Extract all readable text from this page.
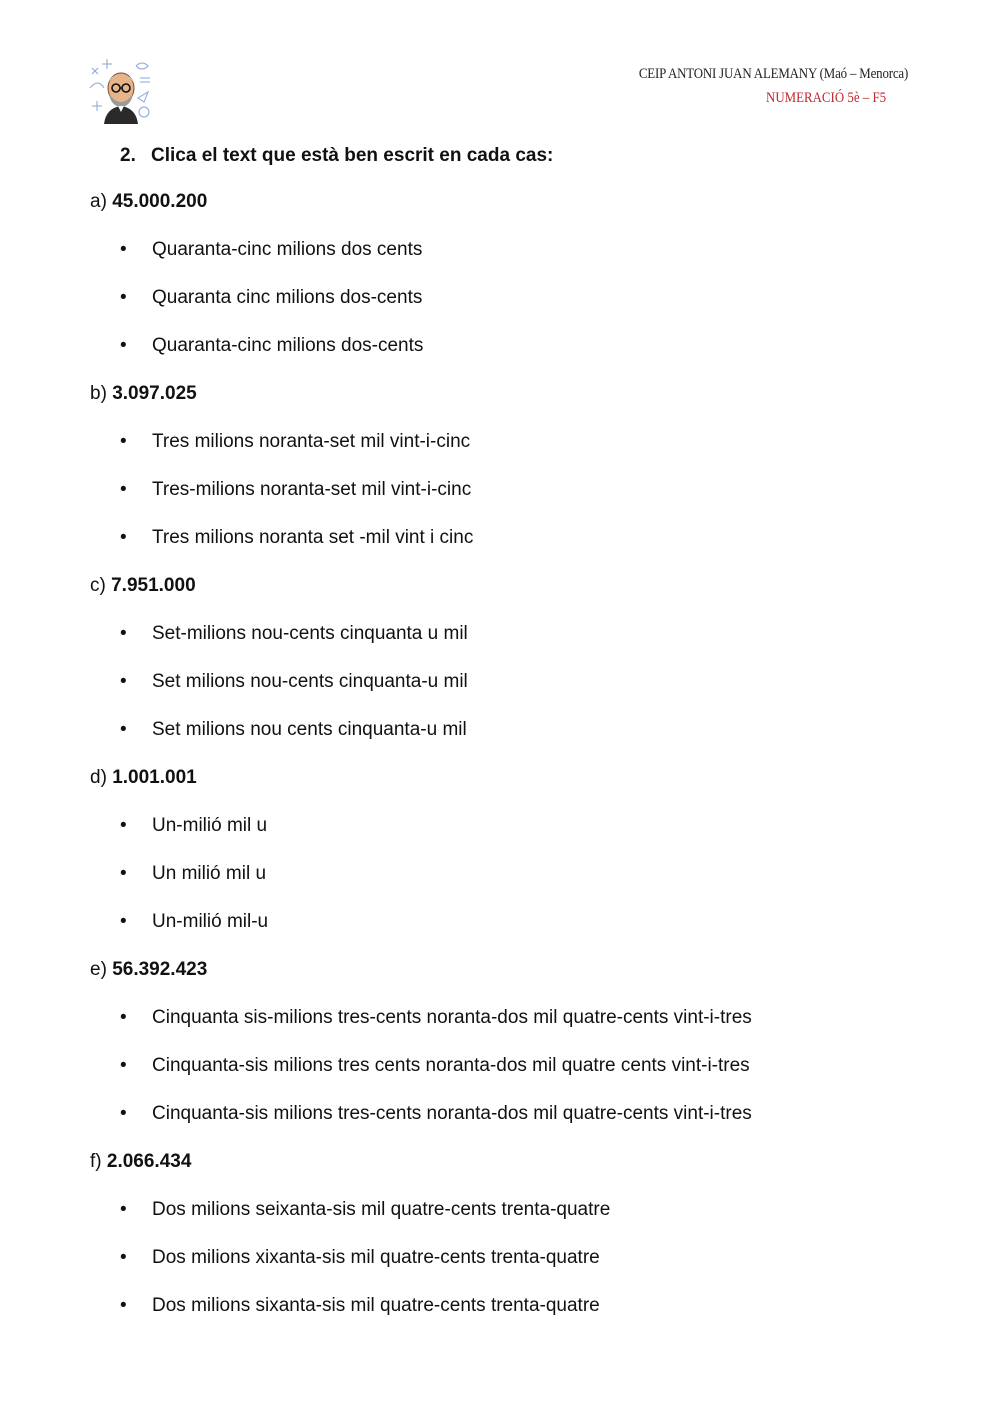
CEIP ANTONI JUAN ALEMANY (Maó – Menorca)
NUMERACIÓ 5è – F5
2. Clica el text que està ben escrit en cada cas:
a) 45.000.200
•	Quaranta-cinc milions dos cents
•	Quaranta cinc milions dos-cents
•	Quaranta-cinc milions dos-cents
b) 3.097.025
•	Tres milions noranta-set mil vint-i-cinc
•	Tres-milions noranta-set mil vint-i-cinc
•	Tres milions noranta set -mil vint i cinc
c) 7.951.000
•	Set-milions nou-cents cinquanta u mil
•	Set milions nou-cents cinquanta-u mil
•	Set milions nou cents cinquanta-u mil
d) 1.001.001
•	Un-milió mil u
•	Un milió mil u
•	Un-milió mil-u
e) 56.392.423
•	Cinquanta sis-milions tres-cents noranta-dos mil quatre-cents vint-i-tres
•	Cinquanta-sis milions tres cents noranta-dos mil quatre cents vint-i-tres
•	Cinquanta-sis milions tres-cents noranta-dos mil quatre-cents vint-i-tres
f) 2.066.434
•	Dos milions seixanta-sis mil quatre-cents trenta-quatre
•	Dos milions xixanta-sis mil quatre-cents trenta-quatre
•	Dos milions sixanta-sis mil quatre-cents trenta-quatre
